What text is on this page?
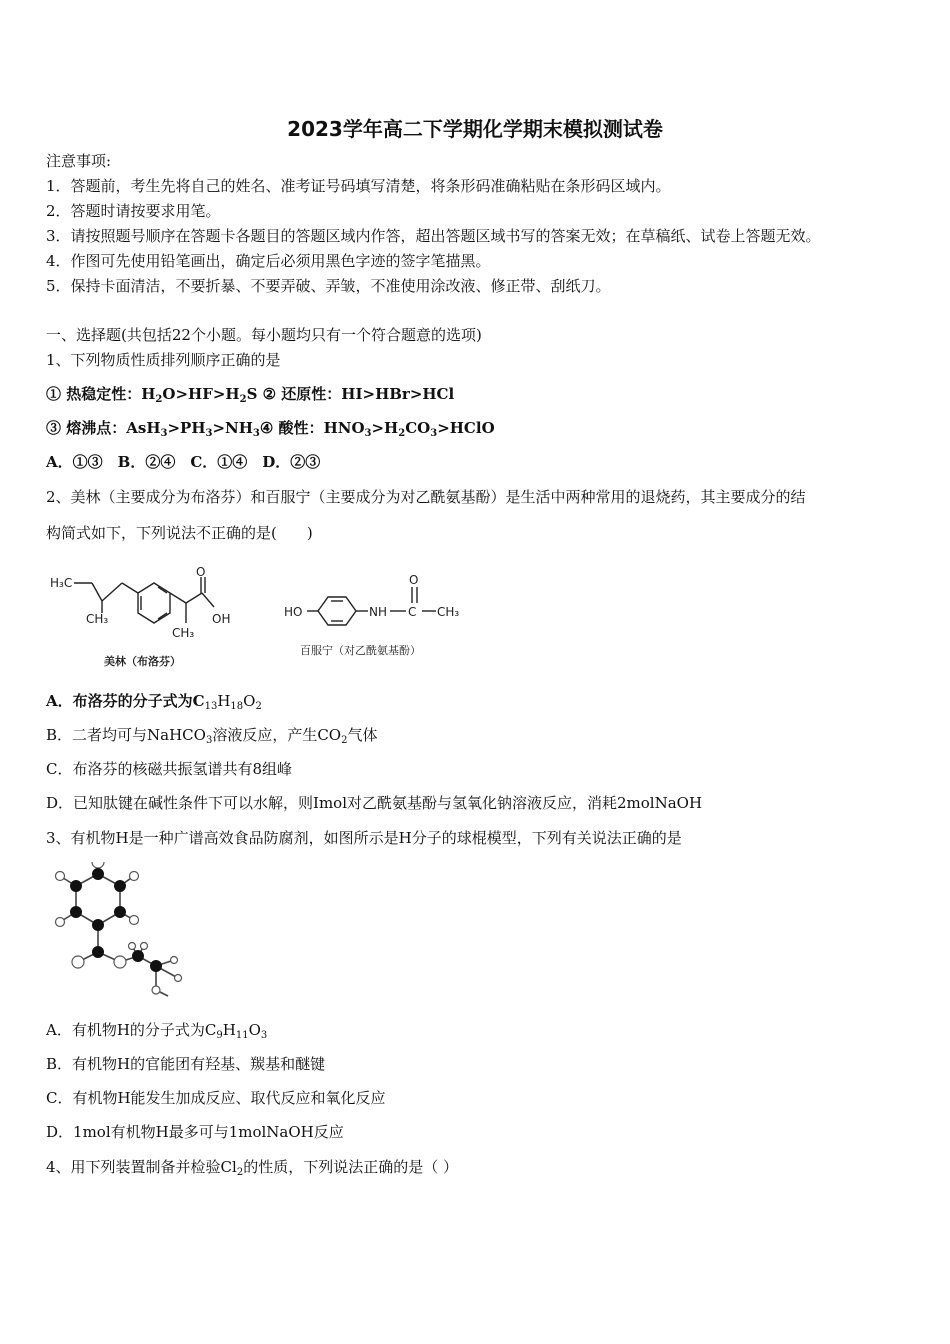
2023学年高二下学期化学期末模拟测试卷
注意事项:
1．答题前，考生先将自己的姓名、准考证号码填写清楚，将条形码准确粘贴在条形码区域内。
2．答题时请按要求用笔。
3．请按照题号顺序在答题卡各题目的答题区域内作答，超出答题区域书写的答案无效；在草稿纸、试卷上答题无效。
4．作图可先使用铅笔画出，确定后必须用黑色字迹的签字笔描黑。
5．保持卡面清洁，不要折暴、不要弄破、弄皱，不准使用涂改液、修正带、刮纸刀。
一、选择题(共包括22个小题。每小题均只有一个符合题意的选项)
1、下列物质性质排列顺序正确的是
① 热稳定性：$H_2O>HF>H_2S$ ② 还原性：HI>HBr>HCl
③ 熔沸点：$AsH_3>PH_3>NH_3④$ 酸性：$HNO_3>H_2CO_3>HClO$
A．①③　B．②④　C．①④　D．②③
2、美林（主要成分为布洛芬）和百服宁（主要成分为对乙酰氨基酚）是生活中两种常用的退烧药，其主要成分的结
构简式如下，下列说法不正确的是(　　)
H₃C
CH₃
O
OH
CH₃
美林（布洛芬）
HO	NH
O
C CH₃
百服宁（对乙酰氨基酚）
A．布洛芬的分子式为$C_{13}H_{18}O_2$
B．二者均可与NaHCO$_3$溶液反应，产生$CO_2$气体
C．布洛芬的核磁共振氢谱共有8组峰
D．已知肽键在碱性条件下可以水解，则Imol对乙酰氨基酚与氢氧化钠溶液反应，消耗2molNaOH
3、有机物H是一种广谱高效食品防腐剂，如图所示是H分子的球棍模型，下列有关说法正确的是
A．有机物H的分子式为$C_9H_{11}O_3$
B．有机物H的官能团有羟基、羰基和醚键
C．有机物H能发生加成反应、取代反应和氧化反应
D．1mol有机物H最多可与1molNaOH反应
4、用下列装置制备并检验$Cl_2$的性质，下列说法正确的是（ ）
